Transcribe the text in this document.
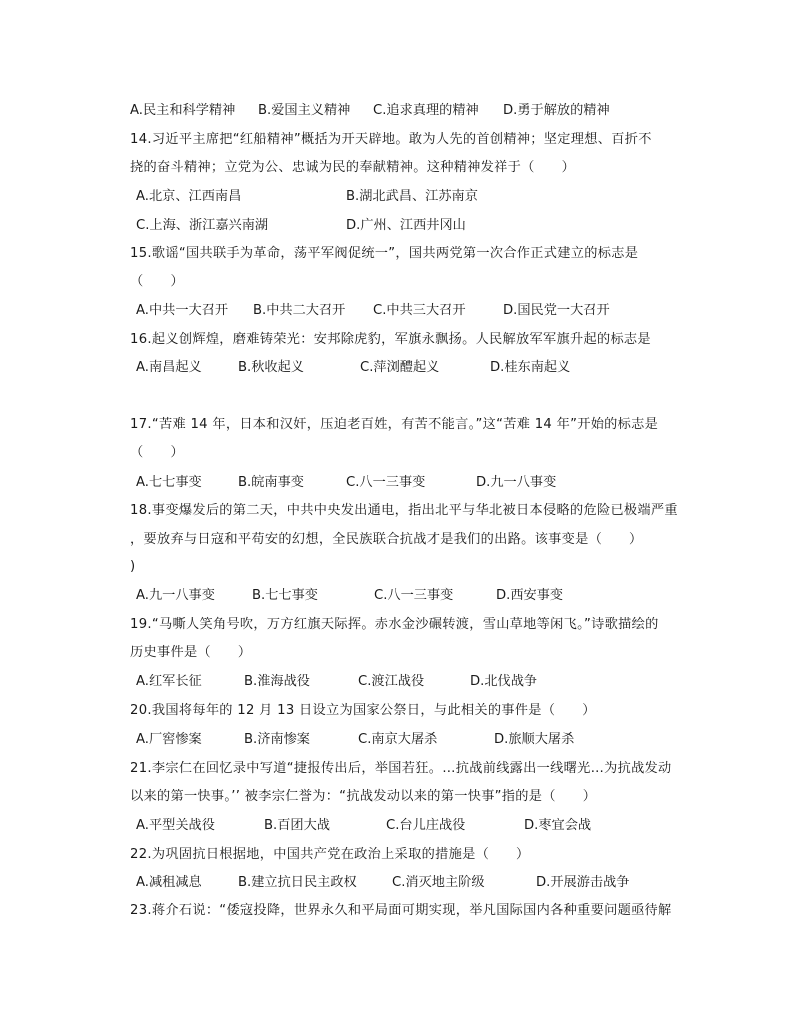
A.民主和科学精神 B.爱国主义精神 C.追求真理的精神 D.勇于解放的精神
14.习近平主席把“红船精神”概括为开天辟地。敢为人先的首创精神；坚定理想、百折不
挠的奋斗精神；立党为公、忠诚为民的奉献精神。这种精神发祥于（　　）
A.北京、江西南昌	B.湖北武昌、江苏南京
C.上海、浙江嘉兴南湖	D.广州、江西井冈山
15.歌谣“国共联手为革命，荡平军阀促统一”，国共两党第一次合作正式建立的标志是
（　　）
A.中共一大召开 B.中共二大召开 C.中共三大召开	D.国民党一大召开
16.起义创辉煌，磨难铸荣光：安邦除虎豹，军旗永飘扬。人民解放军军旗升起的标志是
A.南昌起义	B.秋收起义	C.萍浏醴起义	D.桂东南起义
17.“苦难 14 年，日本和汉奸，压迫老百姓，有苦不能言。”这“苦难 14 年”开始的标志是
（　　）
A.七七事变	B.皖南事变	C.八一三事变	D.九一八事变
18.事变爆发后的第二天，中共中央发出通电，指出北平与华北被日本侵略的危险已极端严重
，要放弃与日寇和平苟安的幻想，全民族联合抗战才是我们的出路。该事变是（　　）
)
A.九一八事变	B.七七事变	C.八一三事变	D.西安事变
19.“马嘶人笑角号吹，万方红旗天际挥。赤水金沙碾转渡，雪山草地等闲飞。”诗歌描绘的
历史事件是（　　）
A.红军长征	B.淮海战役	C.渡江战役	D.北伐战争
20.我国将每年的 12 月 13 日设立为国家公祭日，与此相关的事件是（　　）
A.厂窖惨案	B.济南惨案	C.南京大屠杀	D.旅顺大屠杀
21.李宗仁在回忆录中写道“捷报传出后，举国若狂。…抗战前线露出一线曙光…为抗战发动
以来的第一快事。’’ 被李宗仁誉为：“抗战发动以来的第一快事”指的是（　　）
A.平型关战役	B.百团大战	C.台儿庄战役	D.枣宜会战
22.为巩固抗日根据地，中国共产党在政治上采取的措施是（　　）
A.减租减息	B.建立抗日民主政权	C.消灭地主阶级	D.开展游击战争
23.蒋介石说：“倭寇投降，世界永久和平局面可期实现，举凡国际国内各种重要问题亟待解
